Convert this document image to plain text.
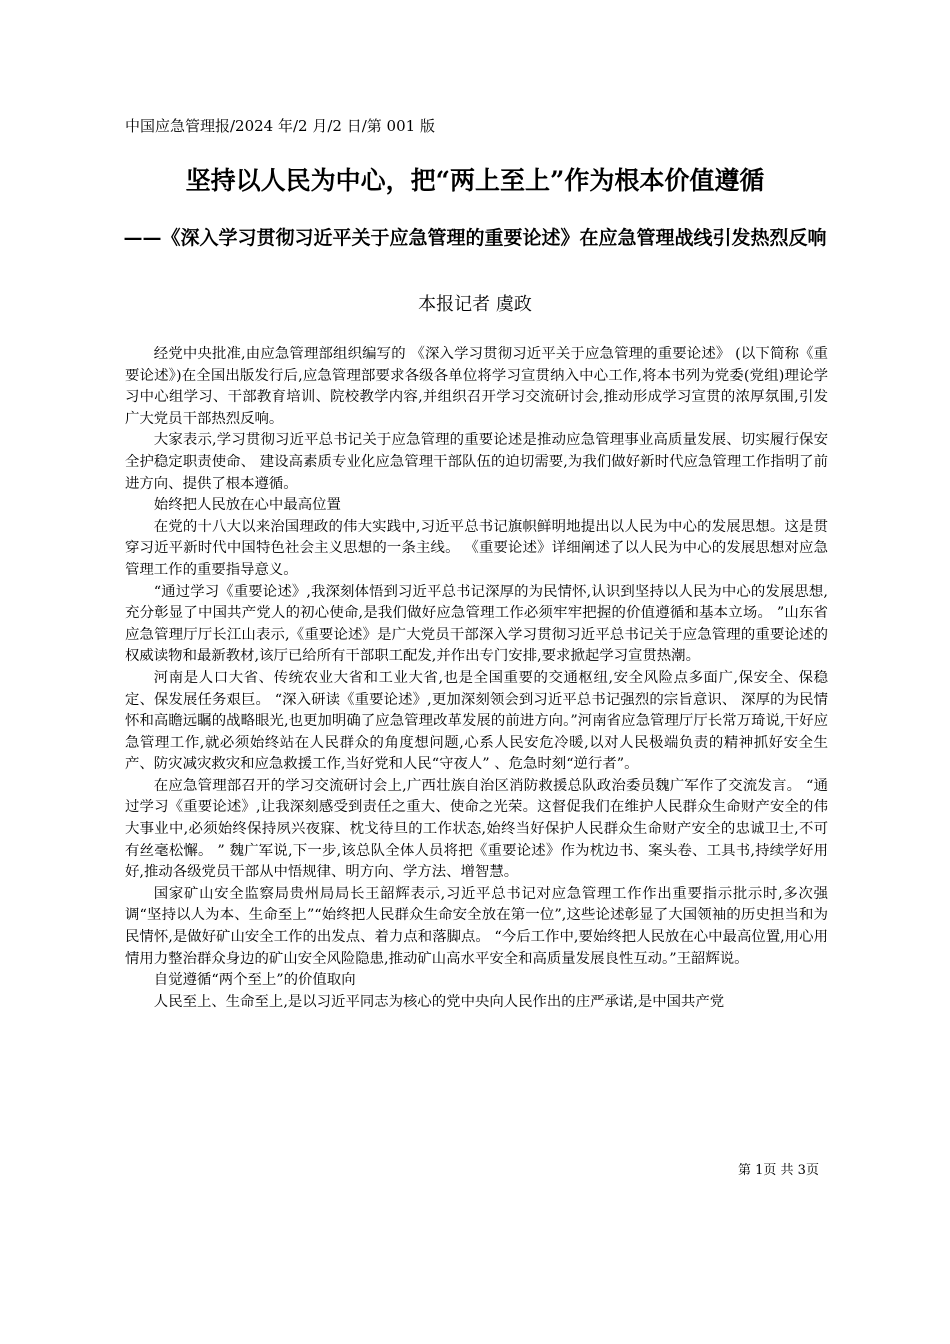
中国应急管理报/2024 年/2 月/2 日/第 001 版
坚持以人民为中心，把“两上至上”作为根本价值遵循
——《深入学习贯彻习近平关于应急管理的重要论述》在应急管理战线引发热烈反响
本报记者 虞政

经党中央批准,由应急管理部组织编写的 《深入学习贯彻习近平关于应急管理的重要论述》 (以下简称《重要论述》)在全国出版发行后,应急管理部要求各级各单位将学习宣贯纳入中心工作,将本书列为党委(党组)理论学习中心组学习、干部教育培训、院校教学内容,并组织召开学习交流研讨会,推动形成学习宣贯的浓厚氛围,引发广大党员干部热烈反响。

大家表示,学习贯彻习近平总书记关于应急管理的重要论述是推动应急管理事业高质量发展、切实履行保安全护稳定职责使命、 建设高素质专业化应急管理干部队伍的迫切需要,为我们做好新时代应急管理工作指明了前进方向、提供了根本遵循。

始终把人民放在心中最高位置

在党的十八大以来治国理政的伟大实践中,习近平总书记旗帜鲜明地提出以人民为中心的发展思想。这是贯穿习近平新时代中国特色社会主义思想的一条主线。 《重要论述》详细阐述了以人民为中心的发展思想对应急管理工作的重要指导意义。

“通过学习《重要论述》,我深刻体悟到习近平总书记深厚的为民情怀,认识到坚持以人民为中心的发展思想,充分彰显了中国共产党人的初心使命,是我们做好应急管理工作必须牢牢把握的价值遵循和基本立场。 ”山东省应急管理厅厅长江山表示,《重要论述》是广大党员干部深入学习贯彻习近平总书记关于应急管理的重要论述的权威读物和最新教材,该厅已给所有干部职工配发,并作出专门安排,要求掀起学习宣贯热潮。

河南是人口大省、传统农业大省和工业大省,也是全国重要的交通枢纽,安全风险点多面广,保安全、保稳定、保发展任务艰巨。 “深入研读《重要论述》,更加深刻领会到习近平总书记强烈的宗旨意识、 深厚的为民情怀和高瞻远瞩的战略眼光,也更加明确了应急管理改革发展的前进方向。”河南省应急管理厅厅长常万琦说,干好应急管理工作,就必须始终站在人民群众的角度想问题,心系人民安危冷暖,以对人民极端负责的精神抓好安全生产、防灾减灾救灾和应急救援工作,当好党和人民“守夜人” 、危急时刻“逆行者”。

在应急管理部召开的学习交流研讨会上,广西壮族自治区消防救援总队政治委员魏广军作了交流发言。 “通过学习《重要论述》,让我深刻感受到责任之重大、使命之光荣。这督促我们在维护人民群众生命财产安全的伟大事业中,必须始终保持夙兴夜寐、枕戈待旦的工作状态,始终当好保护人民群众生命财产安全的忠诚卫士,不可有丝毫松懈。 ” 魏广军说,下一步,该总队全体人员将把《重要论述》作为枕边书、案头卷、工具书,持续学好用好,推动各级党员干部从中悟规律、明方向、学方法、增智慧。

国家矿山安全监察局贵州局局长王韶辉表示,习近平总书记对应急管理工作作出重要指示批示时,多次强调“坚持以人为本、生命至上”“始终把人民群众生命安全放在第一位”,这些论述彰显了大国领袖的历史担当和为民情怀,是做好矿山安全工作的出发点、着力点和落脚点。 “今后工作中,要始终把人民放在心中最高位置,用心用情用力整治群众身边的矿山安全风险隐患,推动矿山高水平安全和高质量发展良性互动。”王韶辉说。

自觉遵循“两个至上”的价值取向

人民至上、生命至上,是以习近平同志为核心的党中央向人民作出的庄严承诺,是中国共产党

第 1页 共 3页
